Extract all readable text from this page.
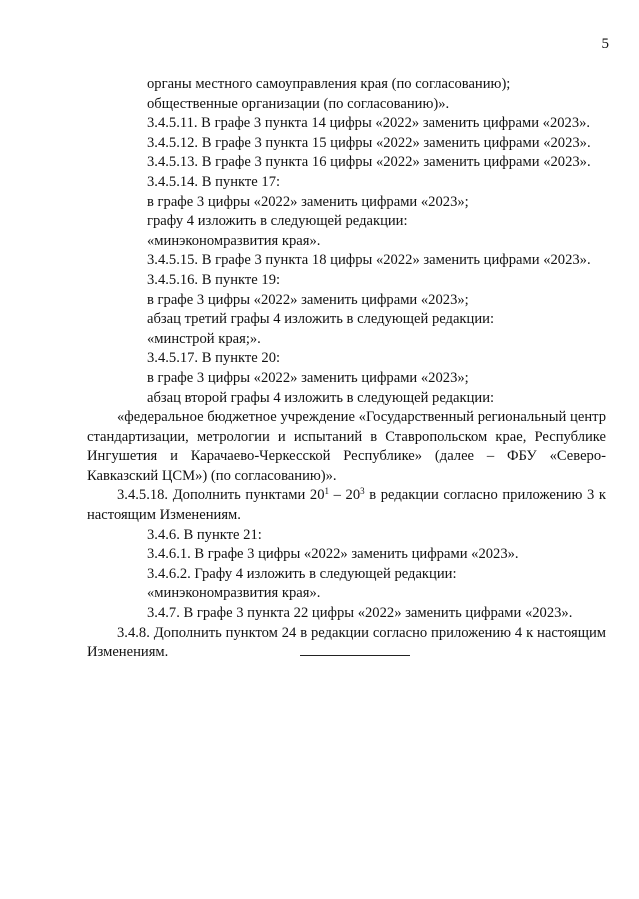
5
органы местного самоуправления края (по согласованию);
общественные организации (по согласованию)».
3.4.5.11. В графе 3 пункта 14 цифры «2022» заменить цифрами «2023».
3.4.5.12. В графе 3 пункта 15 цифры «2022» заменить цифрами «2023».
3.4.5.13. В графе 3 пункта 16 цифры «2022» заменить цифрами «2023».
3.4.5.14. В пункте 17:
в графе 3 цифры «2022» заменить цифрами «2023»;
графу 4 изложить в следующей редакции:
«минэкономразвития края».
3.4.5.15. В графе 3 пункта 18 цифры «2022» заменить цифрами «2023».
3.4.5.16. В пункте 19:
в графе 3 цифры «2022» заменить цифрами «2023»;
абзац третий графы 4 изложить в следующей редакции:
«минстрой края;».
3.4.5.17. В пункте 20:
в графе 3 цифры «2022» заменить цифрами «2023»;
абзац второй графы 4 изложить в следующей редакции:
«федеральное бюджетное учреждение «Государственный региональный центр стандартизации, метрологии и испытаний в Ставропольском крае, Республике Ингушетия и Карачаево-Черкесской Республике» (далее – ФБУ «Северо-Кавказский ЦСМ») (по согласованию)».
3.4.5.18. Дополнить пунктами $20^1 - 20^3$ в редакции согласно приложению 3 к настоящим Изменениям.
3.4.6. В пункте 21:
3.4.6.1. В графе 3 цифры «2022» заменить цифрами «2023».
3.4.6.2. Графу 4 изложить в следующей редакции:
«минэкономразвития края».
3.4.7. В графе 3 пункта 22 цифры «2022» заменить цифрами «2023».
3.4.8. Дополнить пунктом 24 в редакции согласно приложению 4 к настоящим Изменениям.
